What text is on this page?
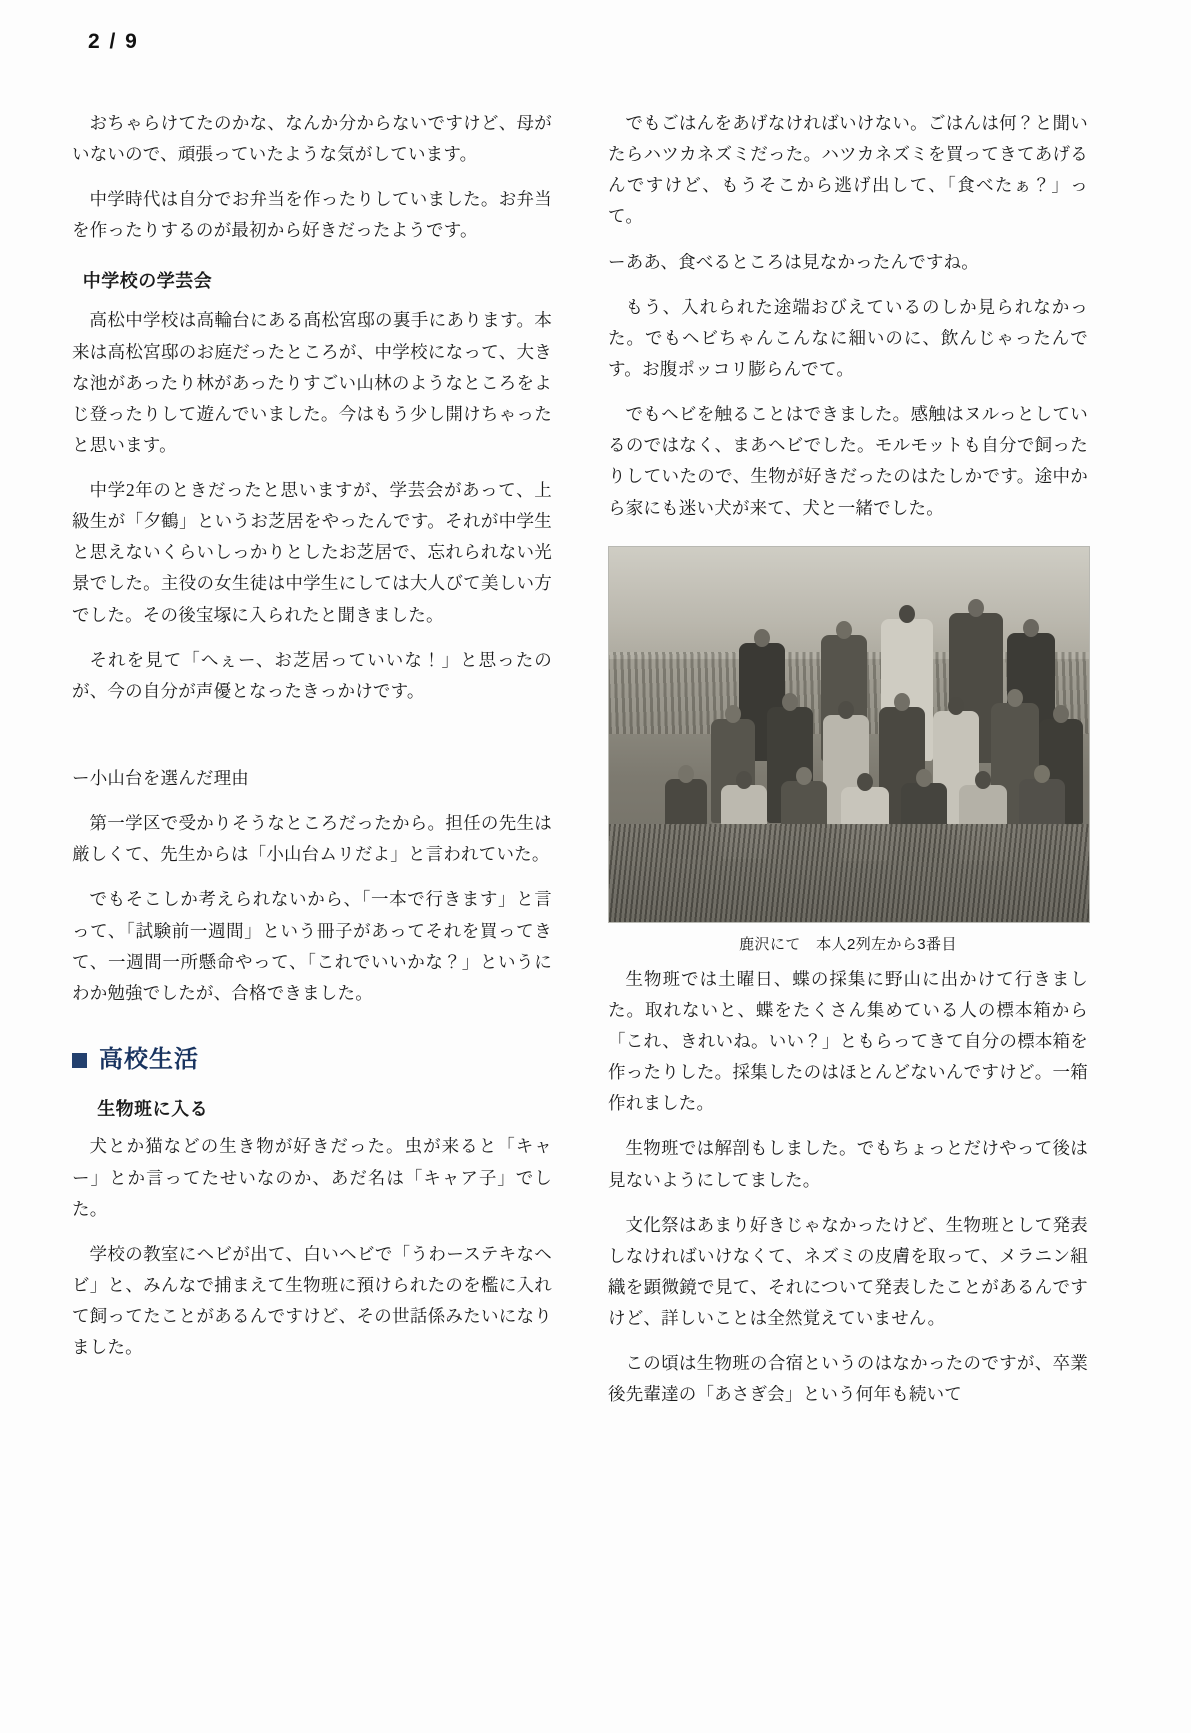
2 / 9

おちゃらけてたのかな、なんか分からないですけど、母がいないので、頑張っていたような気がしています。

中学時代は自分でお弁当を作ったりしていました。お弁当を作ったりするのが最初から好きだったようです。

中学校の学芸会

高松中学校は高輪台にある髙松宮邸の裏手にあります。本来は高松宮邸のお庭だったところが、中学校になって、大きな池があったり林があったりすごい山林のようなところをよじ登ったりして遊んでいました。今はもう少し開けちゃったと思います。

中学2年のときだったと思いますが、学芸会があって、上級生が「夕鶴」というお芝居をやったんです。それが中学生と思えないくらいしっかりとしたお芝居で、忘れられない光景でした。主役の女生徒は中学生にしては大人びて美しい方でした。その後宝塚に入られたと聞きました。

それを見て「へぇー、お芝居っていいな！」と思ったのが、今の自分が声優となったきっかけです。

ー小山台を選んだ理由

第一学区で受かりそうなところだったから。担任の先生は厳しくて、先生からは「小山台ムリだよ」と言われていた。

でもそこしか考えられないから、「一本で行きます」と言って、「試験前一週間」という冊子があってそれを買ってきて、一週間一所懸命やって、「これでいいかな？」というにわか勉強でしたが、合格できました。

高校生活
生物班に入る

犬とか猫などの生き物が好きだった。虫が来ると「キャー」とか言ってたせいなのか、あだ名は「キャア子」でした。

学校の教室にヘビが出て、白いヘビで「うわーステキなヘビ」と、みんなで捕まえて生物班に預けられたのを檻に入れて飼ってたことがあるんですけど、その世話係みたいになりました。

でもごはんをあげなければいけない。ごはんは何？と聞いたらハツカネズミだった。ハツカネズミを買ってきてあげるんですけど、もうそこから逃げ出して、「食べたぁ？」って。

ーああ、食べるところは見なかったんですね。

もう、入れられた途端おびえているのしか見られなかった。でもヘビちゃんこんなに細いのに、飲んじゃったんです。お腹ポッコリ膨らんでて。

でもヘビを触ることはできました。感触はヌルっとしているのではなく、まあヘビでした。モルモットも自分で飼ったりしていたので、生物が好きだったのはたしかです。途中から家にも迷い犬が来て、犬と一緒でした。

鹿沢にて　本人2列左から3番目

生物班では土曜日、蝶の採集に野山に出かけて行きました。取れないと、蝶をたくさん集めている人の標本箱から「これ、きれいね。いい？」ともらってきて自分の標本箱を作ったりした。採集したのはほとんどないんですけど。一箱作れました。

生物班では解剖もしました。でもちょっとだけやって後は見ないようにしてました。

文化祭はあまり好きじゃなかったけど、生物班として発表しなければいけなくて、ネズミの皮膚を取って、メラニン組織を顕微鏡で見て、それについて発表したことがあるんですけど、詳しいことは全然覚えていません。

この頃は生物班の合宿というのはなかったのですが、卒業後先輩達の「あさぎ会」という何年も続いて
